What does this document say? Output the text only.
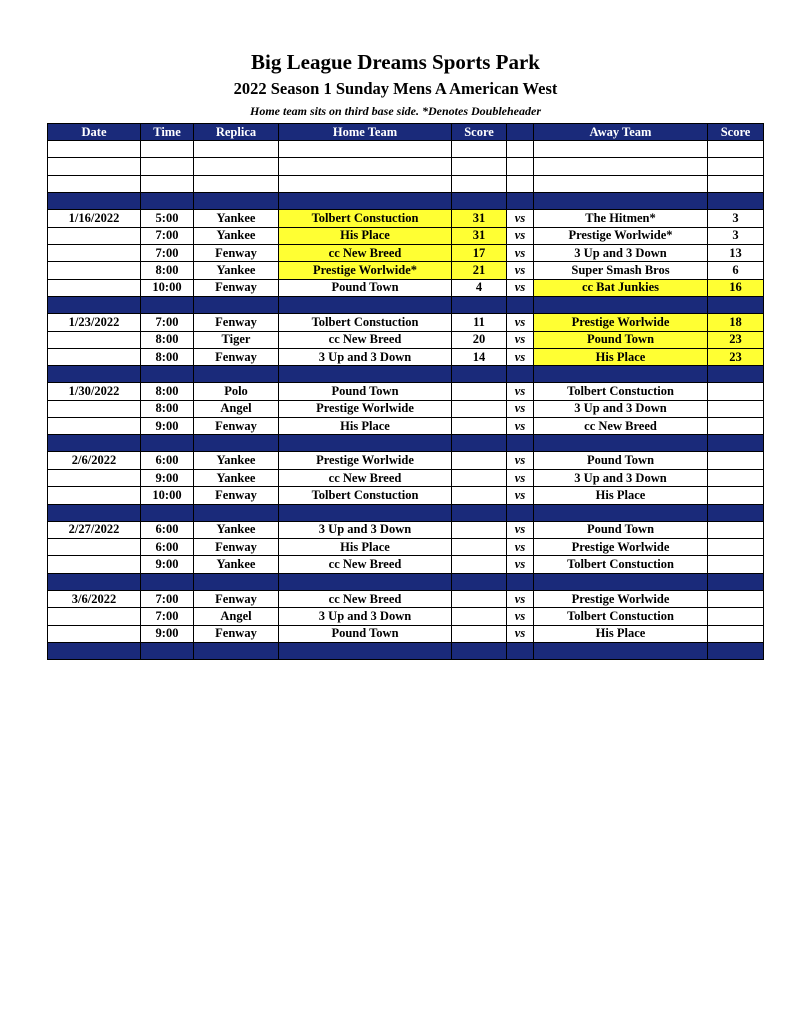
Big League Dreams Sports Park
2022 Season 1 Sunday Mens A American West
Home team sits on third base side. *Denotes Doubleheader
Date	Time	Replica	Home Team	Score		Away Team	Score

1/16/2022	5:00	Yankee	Tolbert Constuction	31	vs	The Hitmen*	3
	7:00	Yankee	His Place	31	vs	Prestige Worlwide*	3
	7:00	Fenway	cc New Breed	17	vs	3 Up and 3 Down	13
	8:00	Yankee	Prestige Worlwide*	21	vs	Super Smash Bros	6
	10:00	Fenway	Pound Town	4	vs	cc Bat Junkies	16

1/23/2022	7:00	Fenway	Tolbert Constuction	11	vs	Prestige Worlwide	18
	8:00	Tiger	cc New Breed	20	vs	Pound Town	23
	8:00	Fenway	3 Up and 3 Down	14	vs	His Place	23

1/30/2022	8:00	Polo	Pound Town		vs	Tolbert Constuction	
	8:00	Angel	Prestige Worlwide		vs	3 Up and 3 Down	
	9:00	Fenway	His Place		vs	cc New Breed	

2/6/2022	6:00	Yankee	Prestige Worlwide		vs	Pound Town	
	9:00	Yankee	cc New Breed		vs	3 Up and 3 Down	
	10:00	Fenway	Tolbert Constuction		vs	His Place	

2/27/2022	6:00	Yankee	3 Up and 3 Down		vs	Pound Town	
	6:00	Fenway	His Place		vs	Prestige Worlwide	
	9:00	Yankee	cc New Breed		vs	Tolbert Constuction	

3/6/2022	7:00	Fenway	cc New Breed		vs	Prestige Worlwide	
	7:00	Angel	3 Up and 3 Down		vs	Tolbert Constuction	
	9:00	Fenway	Pound Town		vs	His Place	
